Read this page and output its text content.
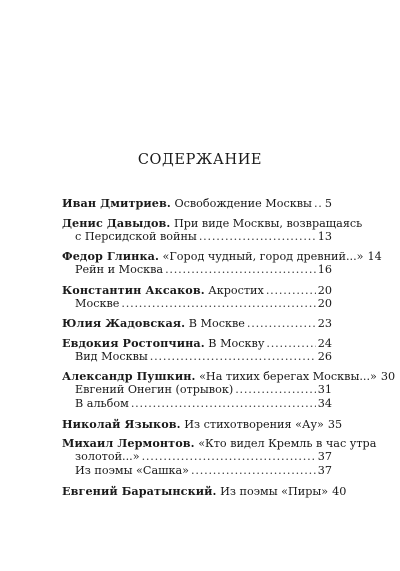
СОДЕРЖАНИЕ
Иван Дмитриев. Освобождение Москвы ..... 5
Денис Давыдов. При виде Москвы, возвращаясь
с Персидской войны .....	13
Федор Глинка. «Город чудный, город древний...» 14
Рейн и Москва .....	16
Константин Аксаков. Акростих .....	20
Москве .....	20
Юлия Жадовская. В Москве .....	23
Евдокия Ростопчина. В Москву .....	24
Вид Москвы .....	26
Александр Пушкин. «На тихих берегах Москвы...» 30
Евгений Онегин (отрывок) .....	31
В альбом .....	34
Николай Языков. Из стихотворения «Ау» 35
Михаил Лермонтов. «Кто видел Кремль в час утра
золотой...» .....	37
Из поэмы «Сашка» .....	37
Евгений Баратынский. Из поэмы «Пиры» 40
